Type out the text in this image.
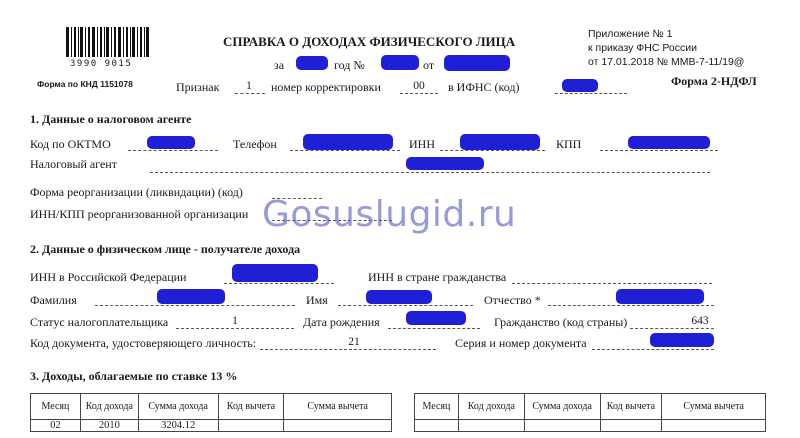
3990 9015
СПРАВКА О ДОХОДАХ ФИЗИЧЕСКОГО ЛИЦА
Форма по КНД 1151078
за	год №	от
Признак	1	номер корректировки	00	в ИФНС (код)
Приложение № 1
к приказу ФНС России
от 17.01.2018 № ММВ-7-11/19@
Форма 2-НДФЛ
1. Данные о налоговом агенте
Код по ОКТМО	Телефон	ИНН	КПП
Налоговый агент
Форма реорганизации (ликвидации) (код)
ИНН/КПП реорганизованной организации Gosuslugid.ru
2. Данные о физическом лице - получателе дохода
ИНН в Российской Федерации	ИНН в стране гражданства
Фамилия	Имя	Отчество *
Статус налогоплательщика	1	Дата рождения	Гражданство (код страны)	643
Код документа, удостоверяющего личность:	21	Серия и номер документа
3. Доходы, облагаемые по ставке 13 %
Месяц	Код дохода	Сумма дохода	Код вычета	Сумма вычета
02	2010	3204.12		
Месяц	Код дохода	Сумма дохода	Код вычета	Сумма вычета
